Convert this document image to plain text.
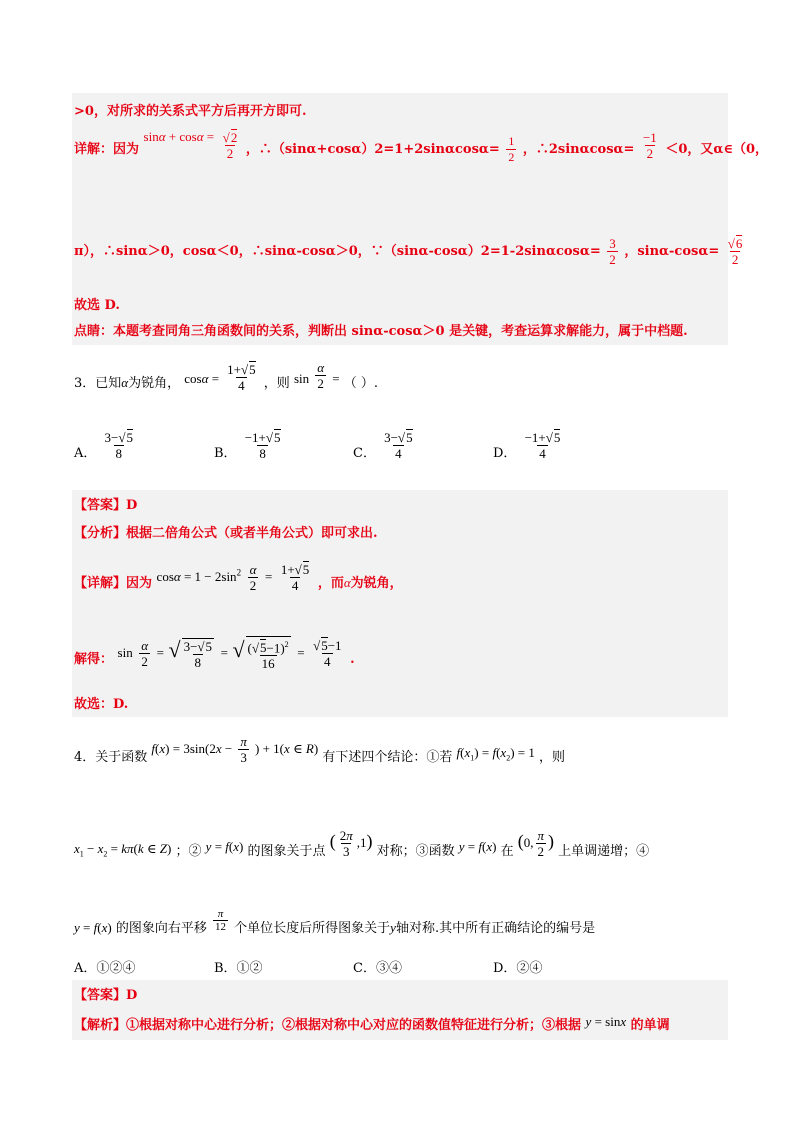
>0，对所求的关系式平方后再开方即可.
详解：因为 $\sin\alpha + \cos\alpha = \frac{√2}{2}$ ，∴（sinα+cosα）2=1+2sinαcosα= $\frac{1}{2}$ ，∴2sinαcosα= $\frac{-1}{2} <0$，又α∈（0，
π），∴sinα＞0，cosα＜0，∴sinα-cosα＞0，∵（sinα-cosα）2=1-2sinαcosα= $\frac{3}{2}$ ，$\sin\alpha-\cos\alpha= \frac{√6}{2}$
故选 D.
点睛：本题考查同角三角函数间的关系，判断出 sinα-cosα＞0 是关键，考查运算求解能力，属于中档题.
3．已知α为锐角， $\cos\alpha = \frac{1+√5}{4}$ ，则 $\sin \frac{\alpha}{2}$ = （ ）.
A． $\frac{3-√5}{8}$	B． $\frac{-1+√5}{8}$	C． $\frac{3-√5}{4}$	D． $\frac{-1+√5}{4}$
【答案】D
【分析】根据二倍角公式（或者半角公式）即可求出.
【详解】因为 $\cos\alpha = 1 - 2\sin^2 \frac{\alpha}{2} = \frac{1+√5}{4}$ ，而α为锐角，
解得： $\sin \frac{\alpha}{2}$ = √ $\frac{3-√5}{8}$ = √ $\frac{(√5-1)^2}{16} = \frac{√5-1}{4}$ .
故选：D.
4．关于函数 $f(x) = 3\sin(2x - \frac{\pi}{3}$ ) + 1(x ∈ R) 有下述四个结论：①若 $f(x_1) = f(x_2) = 1$ ，则
$x_1 - x_2 = k\pi(k$ ∈ Z) ；② y = f(x) 的图象关于点 ( $\frac{2\pi}{3} ,1$) 对称；③函数 y = f(x) 在 (0, $\frac{\pi}{2}$ ) 上单调递增；④
y = f(x) 的图象向右平移 $\frac{\pi}{12}$ 个单位长度后所得图象关于y轴对称.其中所有正确结论的编号是
A．①②④	B．①②	C．③④	D．②④
【答案】D
【解析】①根据对称中心进行分析；②根据对称中心对应的函数值特征进行分析；③根据 y = sinx 的单调
